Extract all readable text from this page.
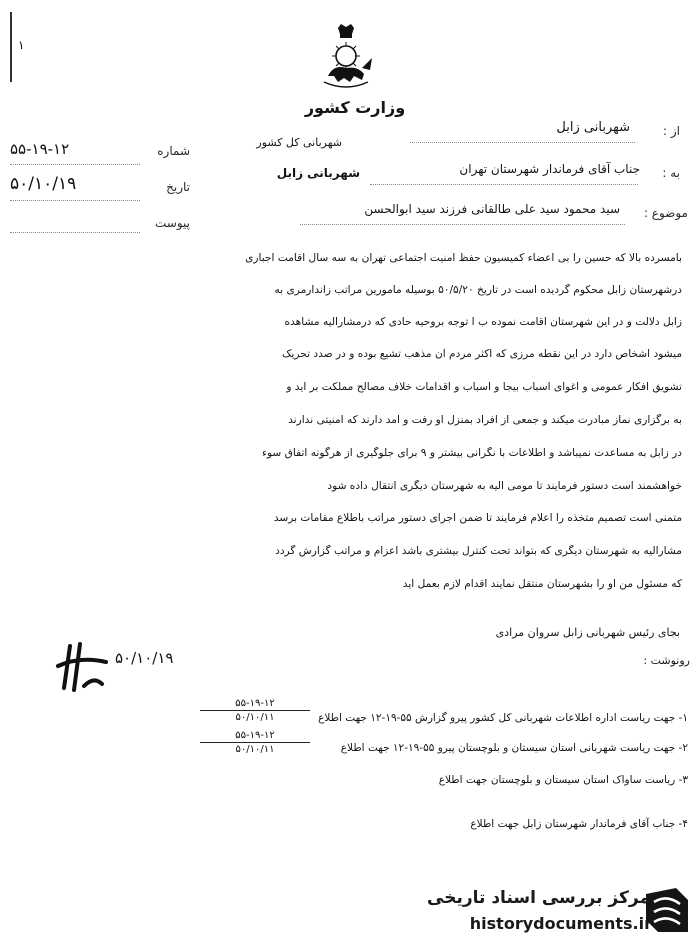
۱
وزارت کشور
شهربانی کل کشور
شهربانی زابل
از :
شهربانی زابل
به :
جناب آقای فرماندار شهرستان تهران
موضوع :
سید محمود سید علی طالقانی فرزند سید ابوالحسن
شماره
۵۵-۱۹-۱۲
تاریخ
۵۰/۱۰/۱۹
پیوست
بامسرده بالا که حسین را بی اعضاء کمیسیون حفظ امنیت اجتماعی تهران به سه سال اقامت اجباری
درشهرستان زابل محکوم گردیده است در تاریخ ۵۰/۵/۲۰ بوسیله مامورین مراتب زاندارمری به
زابل دلالت و در این شهرستان اقامت نموده ب ا توجه بروحیه حادی که درمشارالیه مشاهده
میشود اشخاص دارد در این نقطه مرزی که اکثر مردم آن مذهب تشیع بوده و در صدد تحریک
تشویق افکار عمومی و اغوای اسباب بیجا و اسباب و اقدامات خلاف مصالح مملکت بر آید و
به برگزاری نماز مبادرت میکند و جمعی از افراد بمنزل او رفت و آمد دارند که امنیتی ندارند
در زابل به مساعدت نمیباشد و اطلاعات با نگرانی بیشتر و ۹ برای جلوگیری از هرگونه اتفاق سوء
خواهشمند است دستور فرمایند تا مومی الیه به شهرستان دیگری انتقال داده شود
متمنی است تصمیم متخذه را اعلام فرمایند تا ضمن اجرای دستور مراتب باطلاع مقامات برسد
مشارالیه به شهرستان دیگری که بتواند تحت کنترل بیشتری باشد اعزام و مراتب گزارش گردد
که مسئول من او را بشهرستان منتقل نمایند اقدام لازم بعمل آید
بجای رئیس شهربانی زابل سروان مرادی
۵۰/۱۰/۱۹	رونوشت :
۱- جهت ریاست اداره اطلاعات شهربانی کل کشور پیرو گزارش ۵۵-۱۹-۱۲ جهت اطلاع
۵۵-۱۹-۱۲
۵۰/۱۰/۱۱
۲- جهت ریاست شهربانی استان سیستان و بلوچستان پیرو ۵۵-۱۹-۱۲ جهت اطلاع
۵۵-۱۹-۱۲
۵۰/۱۰/۱۱
۳- ریاست ساواک استان سیستان و بلوچستان جهت اطلاع
۴- جناب آقای فرماندار شهرستان زابل جهت اطلاع
مرکز بررسی اسناد تاریخی
historydocuments.ir
